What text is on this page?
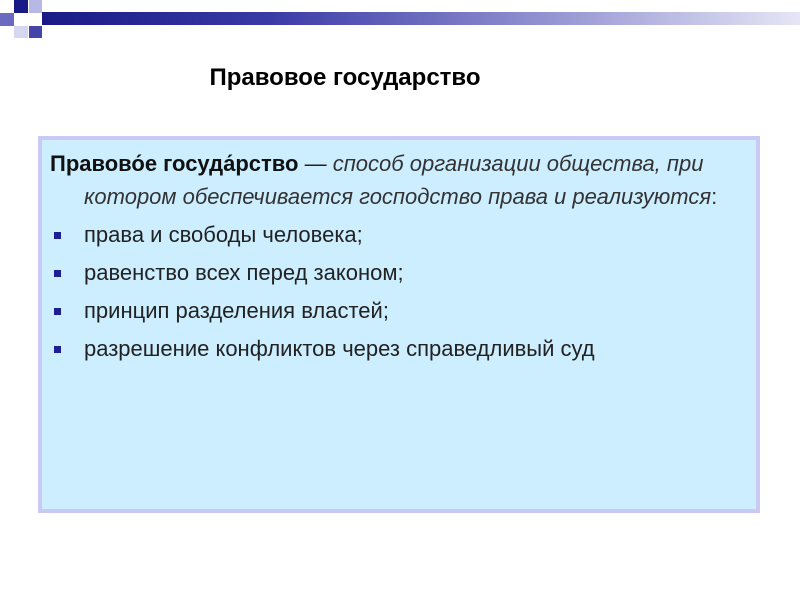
Правовое государство

Правово́е госуда́рство — способ организации общества, при котором обеспечивается господство права и реализуются:

права и свободы человека;
равенство всех перед законом;
принцип разделения властей;
разрешение конфликтов через справедливый суд
